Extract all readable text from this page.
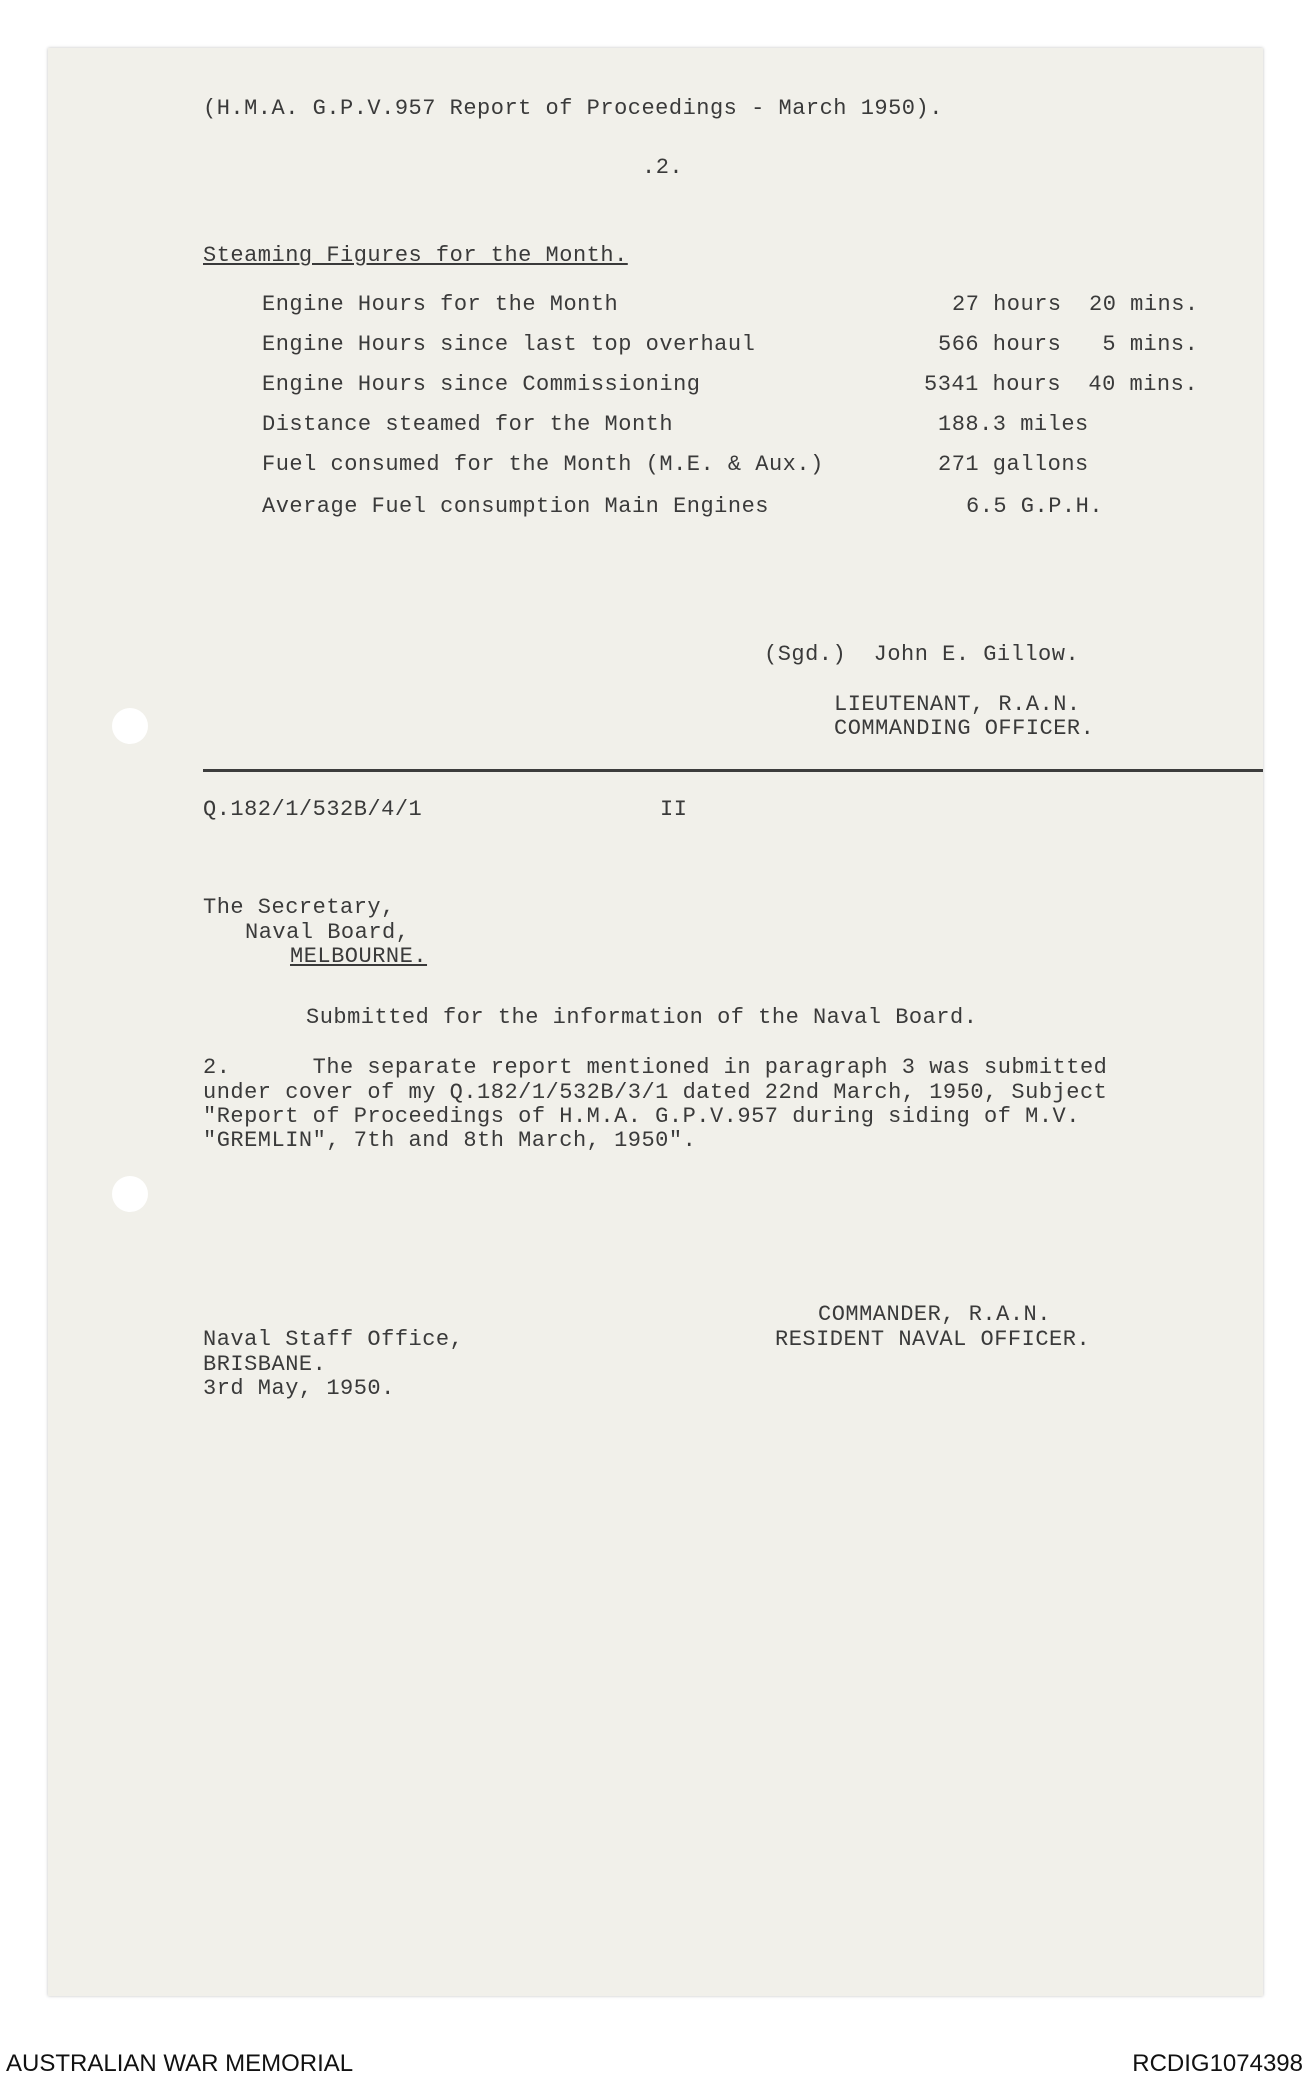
(H.M.A. G.P.V.957 Report of Proceedings - March 1950).
.2.
Steaming Figures for the Month.
Engine Hours for the Month	27 hours  20 mins.
Engine Hours since last top overhaul	566 hours   5 mins.
Engine Hours since Commissioning	5341 hours  40 mins.
Distance steamed for the Month	188.3 miles
Fuel consumed for the Month (M.E. & Aux.)	271 gallons
Average Fuel consumption Main Engines	6.5 G.P.H.
(Sgd.)  John E. Gillow.
LIEUTENANT, R.A.N.
COMMANDING OFFICER.
Q.182/1/532B/4/1	II
The Secretary,
Naval Board,
MELBOURNE.
Submitted for the information of the Naval Board.
2.      The separate report mentioned in paragraph 3 was submitted
under cover of my Q.182/1/532B/3/1 dated 22nd March, 1950, Subject
"Report of Proceedings of H.M.A. G.P.V.957 during siding of M.V.
"GREMLIN", 7th and 8th March, 1950".
COMMANDER, R.A.N.
RESIDENT NAVAL OFFICER.
Naval Staff Office,
BRISBANE.
3rd May, 1950.
AUSTRALIAN WAR MEMORIAL	RCDIG1074398
